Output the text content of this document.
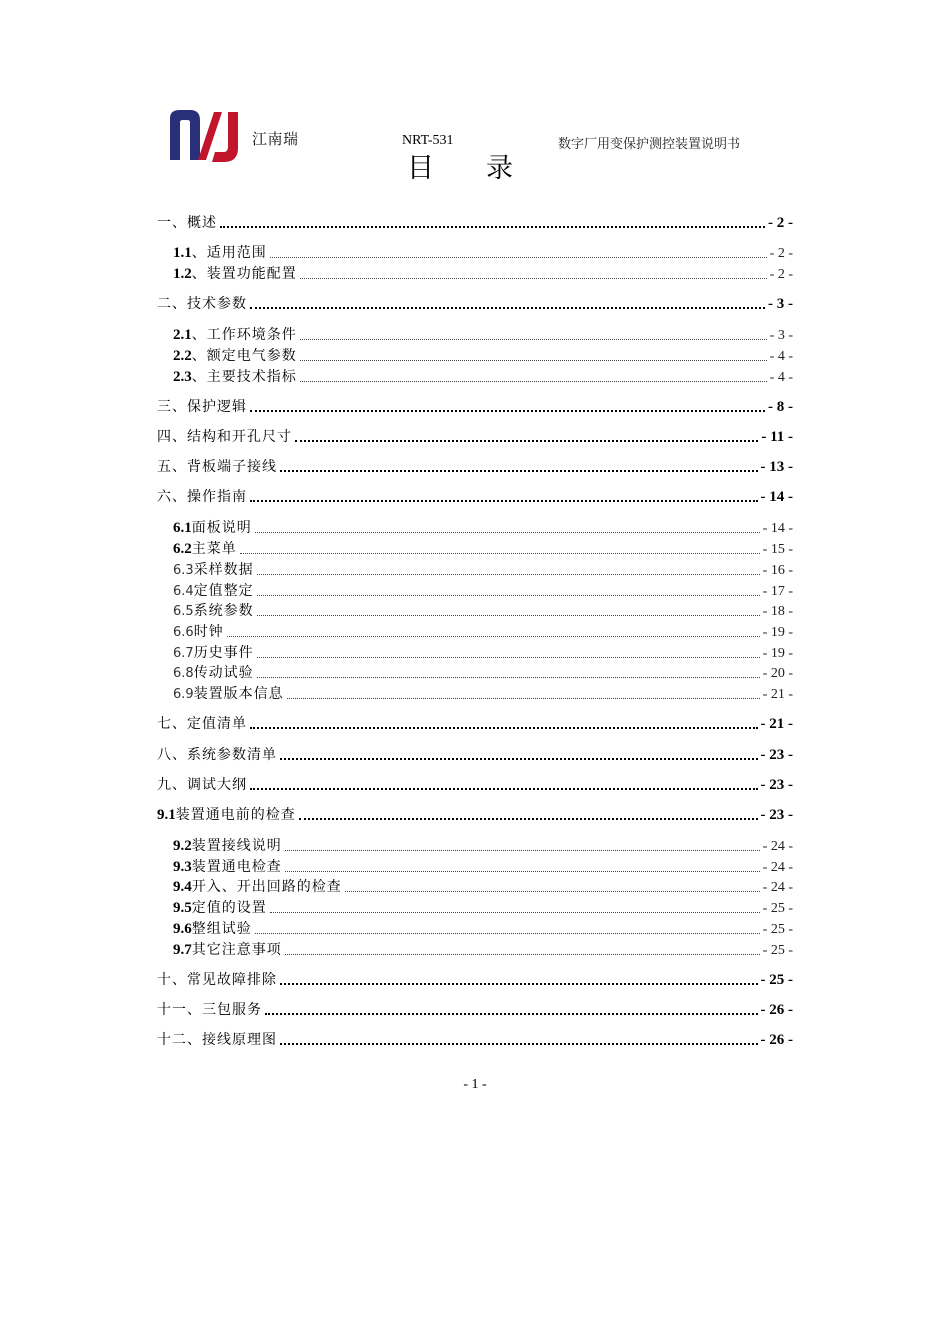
江南瑞	NRT-531	数字厂用变保护测控装置说明书
目录
一、概述	- 2 -
1.1 、适用范围	- 2 -
1.2 、装置功能配置	- 2 -
二、技术参数	- 3 -
2.1 、工作环境条件	- 3 -
2.2 、额定电气参数	- 4 -
2.3 、主要技术指标	- 4 -
三、保护逻辑	- 8 -
四、结构和开孔尺寸	- 11 -
五、背板端子接线	- 13 -
六、操作指南	- 14 -
6.1 面板说明	- 14 -
6.2 主菜单	- 15 -
6.3 采样数据	- 16 -
6.4 定值整定	- 17 -
6.5 系统参数	- 18 -
6.6 时钟	- 19 -
6.7 历史事件	- 19 -
6.8 传动试验	- 20 -
6.9 装置版本信息	- 21 -
七、定值清单	- 21 -
八、系统参数清单	- 23 -
九、调试大纲	- 23 -
9.1 装置通电前的检查	- 23 -
9.2 装置接线说明	- 24 -
9.3 装置通电检查	- 24 -
9.4 开入、开出回路的检查	- 24 -
9.5 定值的设置	- 25 -
9.6 整组试验	- 25 -
9.7 其它注意事项	- 25 -
十、常见故障排除	- 25 -
十一、三包服务	- 26 -
十二、接线原理图	- 26 -
- 1 -
